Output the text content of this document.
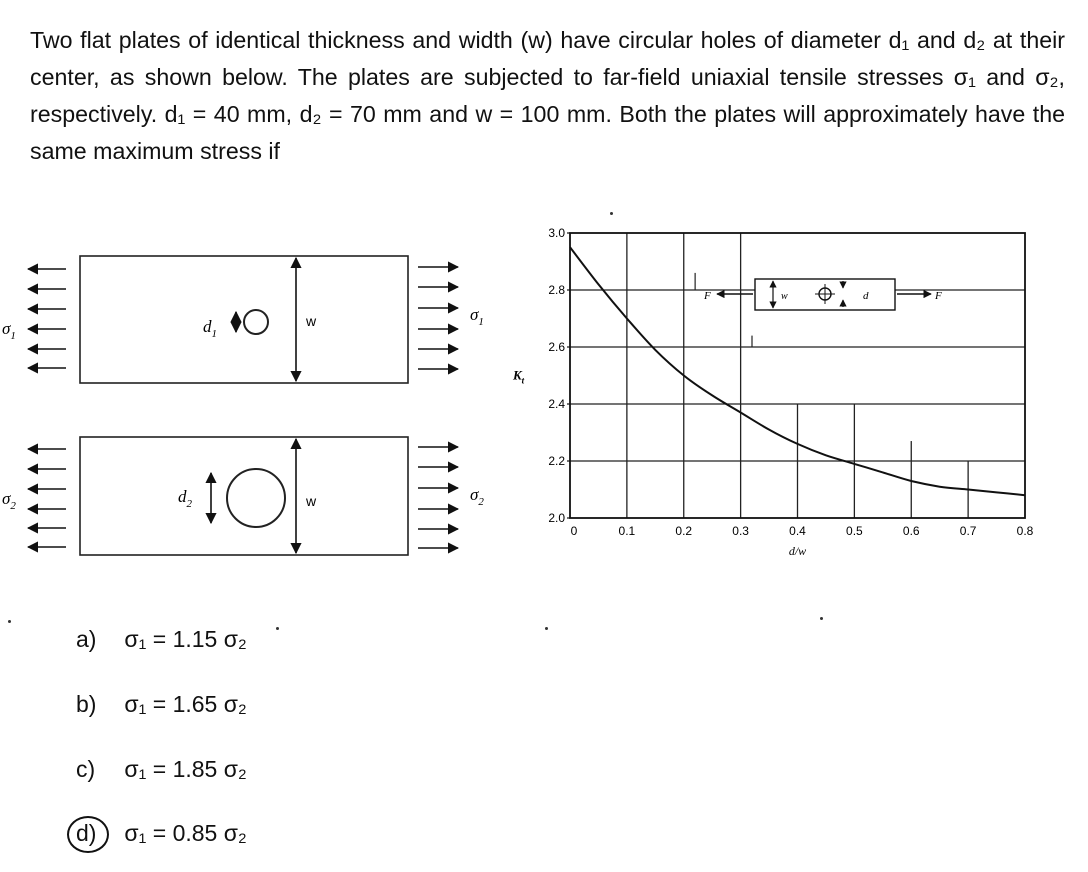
Two flat plates of identical thickness and width (w) have circular holes of diameter d₁ and d₂ at their center, as shown below. The plates are subjected to far-field uniaxial tensile stresses σ₁ and σ₂, respectively. d₁ = 40 mm, d₂ = 70 mm and w = 100 mm. Both the plates will approximately have the same maximum stress if
$d_1$
w
$\sigma_1$
$\sigma_1$
$d_2$	w
$\sigma_2$
$\sigma_2$
2.0
2.2
2.4
2.6
2.8
3.0
0	0.1	0.2	0.3	0.4	0.5	0.6	0.7	0.8
$K_t$
d/w
F	w	d	F
a) σ₁ = 1.15 σ₂
b) σ₁ = 1.65 σ₂
c) σ₁ = 1.85 σ₂
d) σ₁ = 0.85 σ₂
